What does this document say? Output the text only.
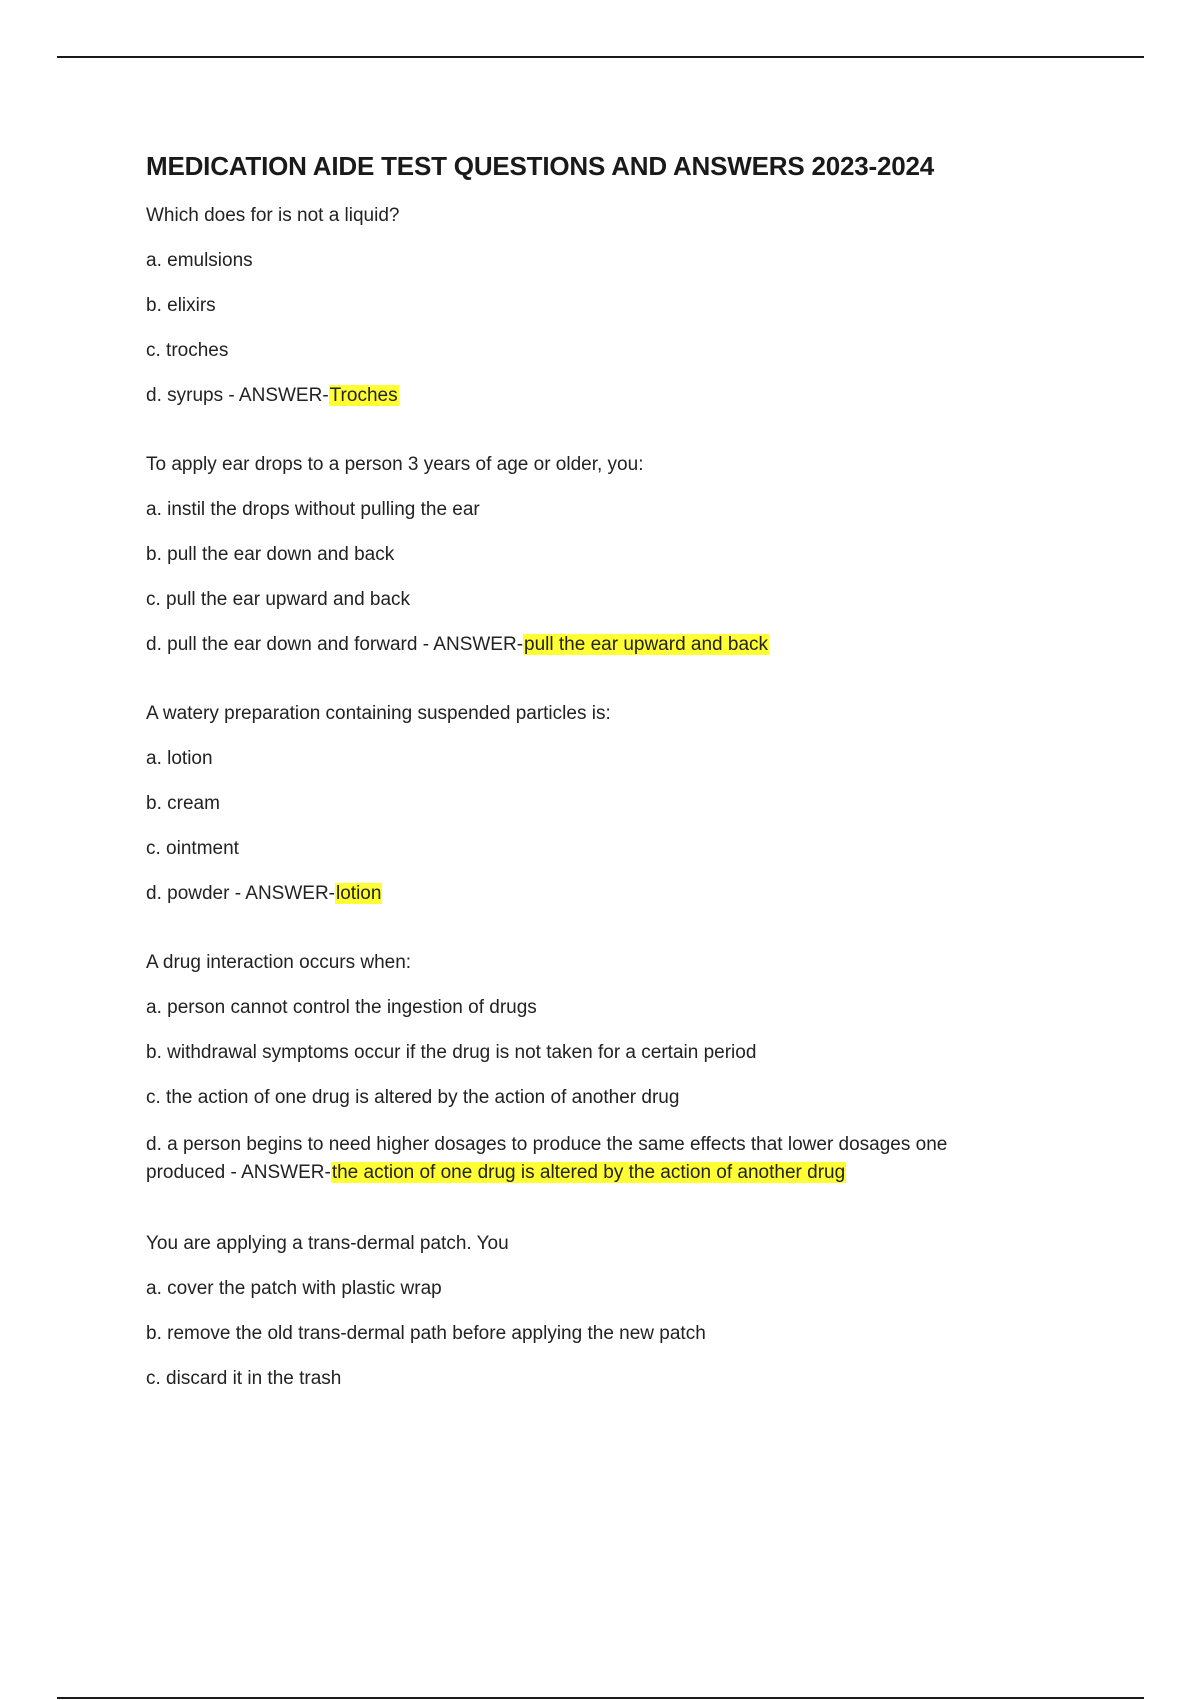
MEDICATION AIDE TEST QUESTIONS AND ANSWERS 2023-2024
Which does for is not a liquid?
a. emulsions
b. elixirs
c. troches
d. syrups - ANSWER-Troches
To apply ear drops to a person 3 years of age or older, you:
a. instil the drops without pulling the ear
b. pull the ear down and back
c. pull the ear upward and back
d. pull the ear down and forward - ANSWER-pull the ear upward and back
A watery preparation containing suspended particles is:
a. lotion
b. cream
c. ointment
d. powder - ANSWER-lotion
A drug interaction occurs when:
a. person cannot control the ingestion of drugs
b. withdrawal symptoms occur if the drug is not taken for a certain period
c. the action of one drug is altered by the action of another drug
d. a person begins to need higher dosages to produce the same effects that lower dosages one produced - ANSWER-the action of one drug is altered by the action of another drug
You are applying a trans-dermal patch. You
a. cover the patch with plastic wrap
b. remove the old trans-dermal path before applying the new patch
c. discard it in the trash
